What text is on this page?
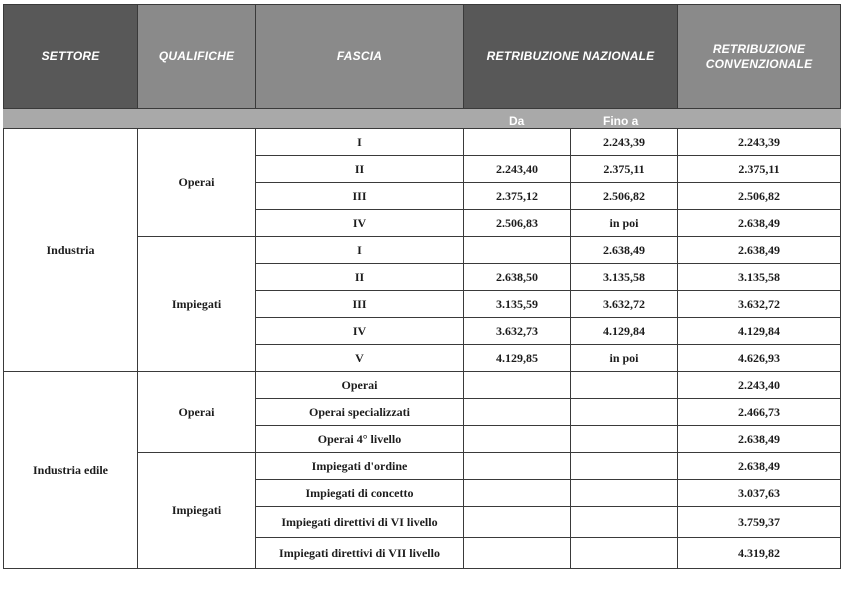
SETTORE	QUALIFICHE	FASCIA	RETRIBUZIONE NAZIONALE		RETRIBUZIONE CONVENZIONALE
			Da	Fino a	
Industria	Operai	I		2.243,39	2.243,39
		II	2.243,40	2.375,11	2.375,11
		III	2.375,12	2.506,82	2.506,82
		IV	2.506,83	in poi	2.638,49
	Impiegati	I		2.638,49	2.638,49
		II	2.638,50	3.135,58	3.135,58
		III	3.135,59	3.632,72	3.632,72
		IV	3.632,73	4.129,84	4.129,84
		V	4.129,85	in poi	4.626,93
Industria edile	Operai	Operai			2.243,40
		Operai specializzati			2.466,73
		Operai 4° livello			2.638,49
	Impiegati	Impiegati d'ordine			2.638,49
		Impiegati di concetto			3.037,63
		Impiegati direttivi di VI livello			3.759,37
		Impiegati direttivi di VII livello			4.319,82
